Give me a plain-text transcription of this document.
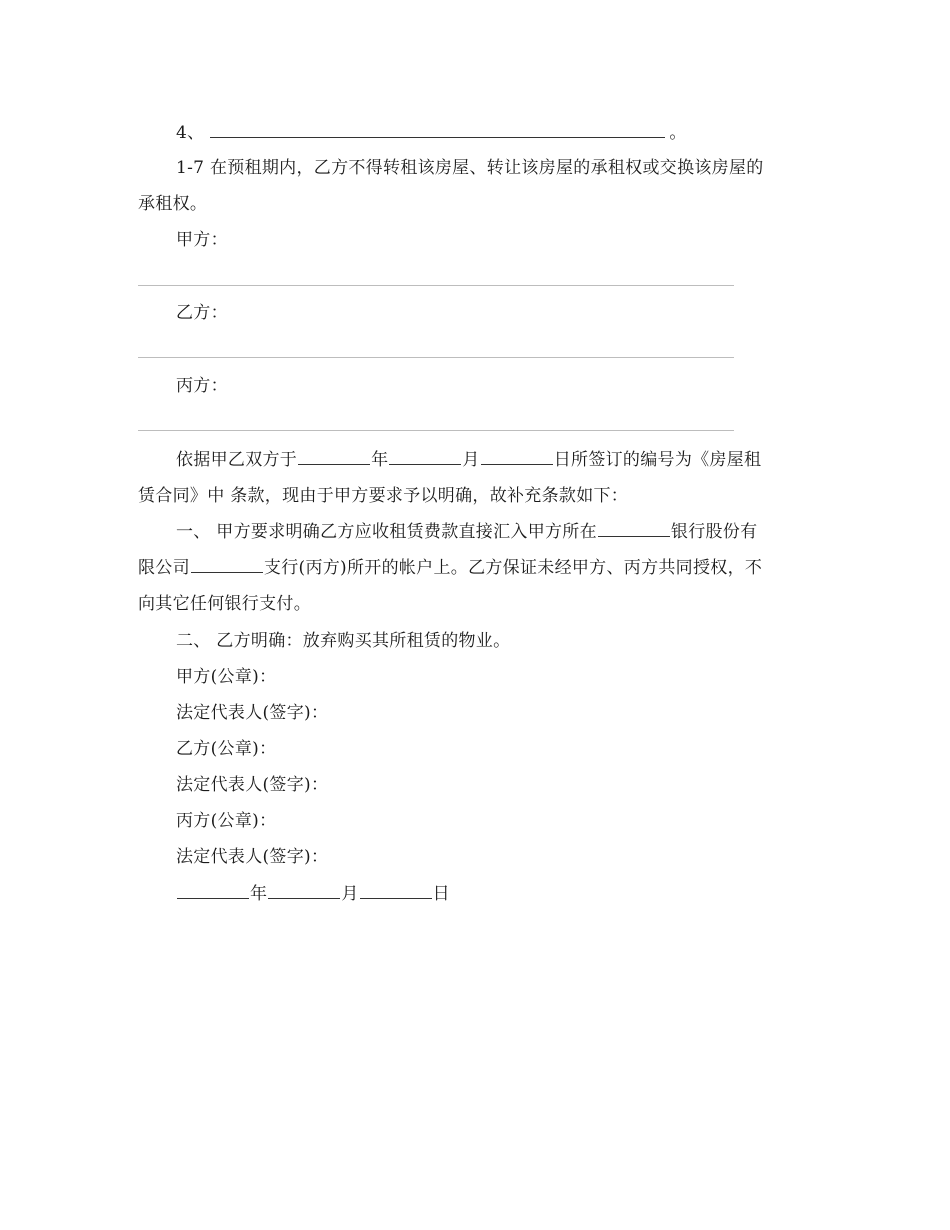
4、	。
1-7 在预租期内，乙方不得转租该房屋、转让该房屋的承租权或交换该房屋的
承租权。
甲方：
乙方：
丙方：
依据甲乙双方于	年	月	日所签订的编号为《房屋租
赁合同》中 条款，现由于甲方要求予以明确，故补充条款如下：
一、 甲方要求明确乙方应收租赁费款直接汇入甲方所在	银行股份有
限公司	支行(丙方)所开的帐户上。乙方保证未经甲方、丙方共同授权，不
向其它任何银行支付。
二、 乙方明确：放弃购买其所租赁的物业。
甲方(公章)：
法定代表人(签字)：
乙方(公章)：
法定代表人(签字)：
丙方(公章)：
法定代表人(签字)：
年	月	日
